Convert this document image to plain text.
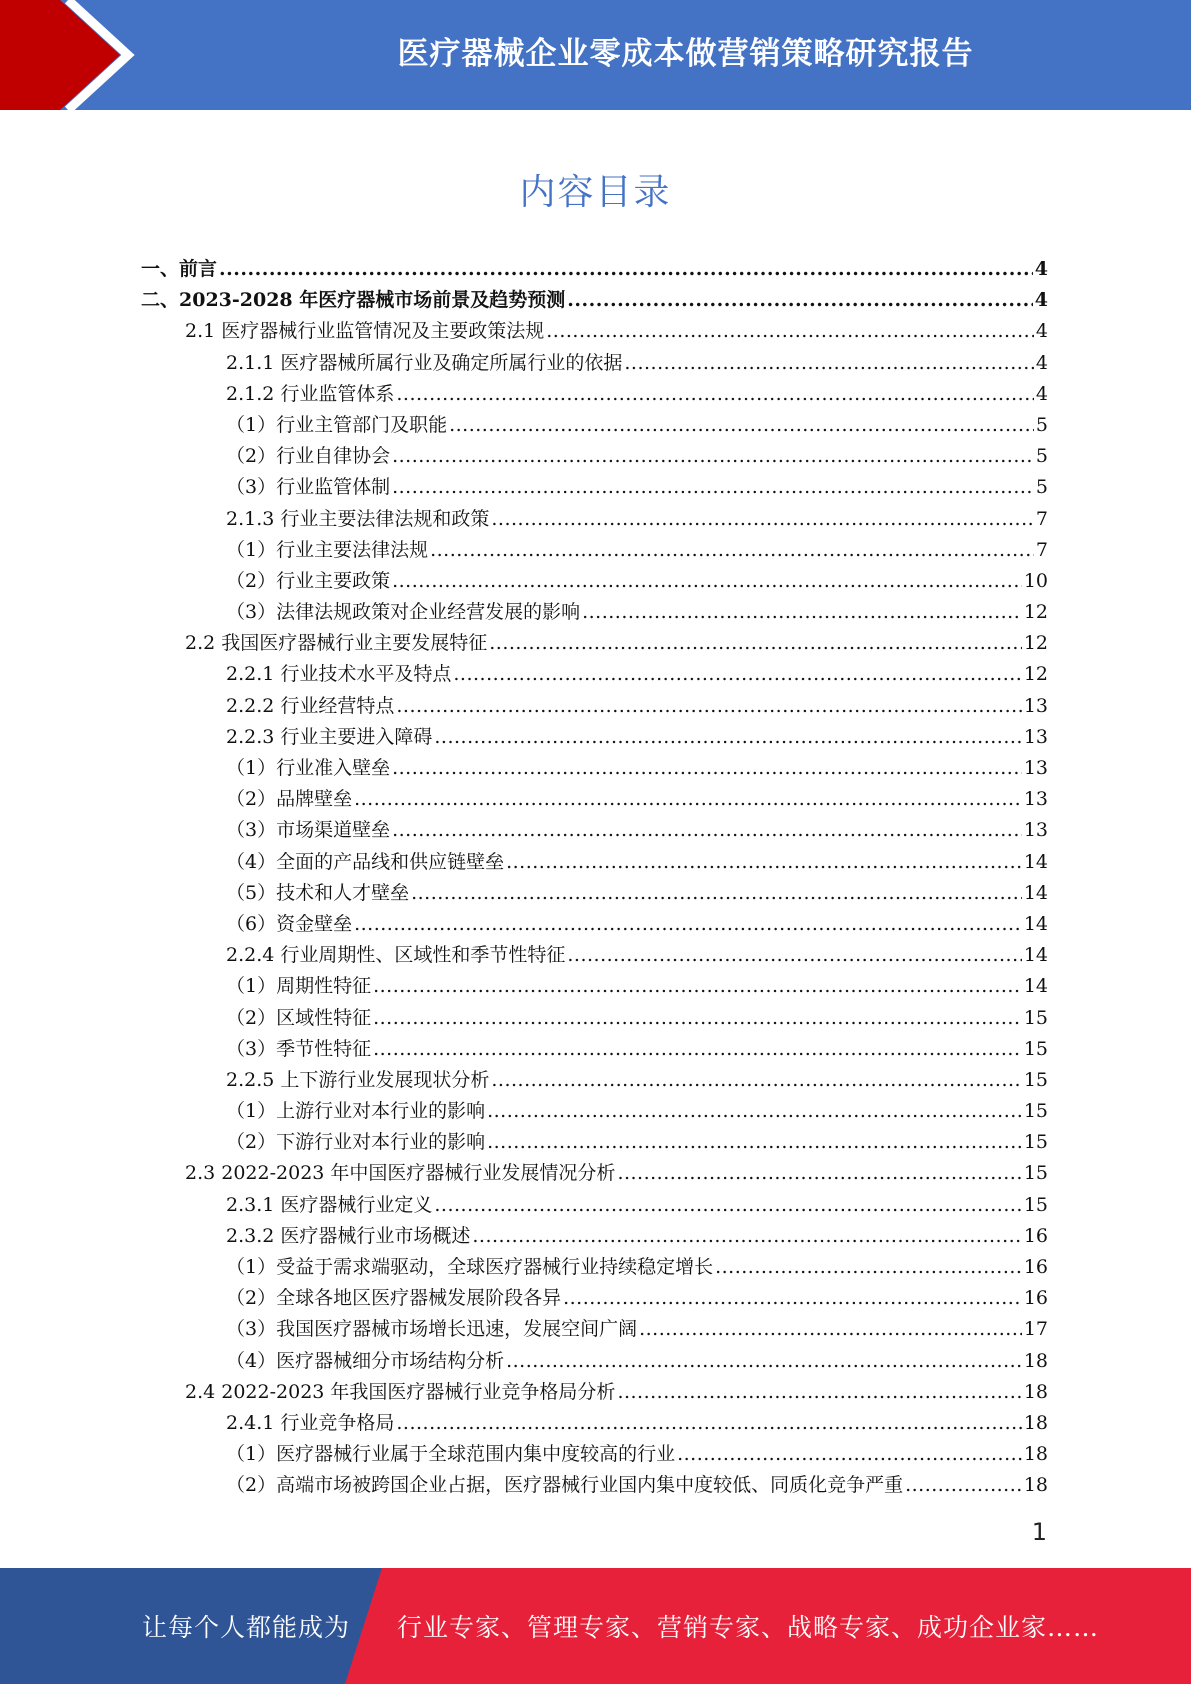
医疗器械企业零成本做营销策略研究报告
内容目录
一、前言 .....	4
二、2023-2028 年医疗器械市场前景及趋势预测 .....	4
2.1 医疗器械行业监管情况及主要政策法规 .....	4
2.1.1 医疗器械所属行业及确定所属行业的依据 .....	4
2.1.2 行业监管体系 .....	4
（1）行业主管部门及职能 .....	5
（2）行业自律协会 .....	5
（3）行业监管体制 .....	5
2.1.3 行业主要法律法规和政策 .....	7
（1）行业主要法律法规 .....	7
（2）行业主要政策 .....	10
（3）法律法规政策对企业经营发展的影响 .....	12
2.2 我国医疗器械行业主要发展特征 .....	12
2.2.1 行业技术水平及特点 .....	12
2.2.2 行业经营特点 .....	13
2.2.3 行业主要进入障碍 .....	13
（1）行业准入壁垒 .....	13
（2）品牌壁垒 .....	13
（3）市场渠道壁垒 .....	13
（4）全面的产品线和供应链壁垒 .....	14
（5）技术和人才壁垒 .....	14
（6）资金壁垒 .....	14
2.2.4 行业周期性、区域性和季节性特征 .....	14
（1）周期性特征 .....	14
（2）区域性特征 .....	15
（3）季节性特征 .....	15
2.2.5 上下游行业发展现状分析 .....	15
（1）上游行业对本行业的影响 .....	15
（2）下游行业对本行业的影响 .....	15
2.3 2022-2023 年中国医疗器械行业发展情况分析 .....	15
2.3.1 医疗器械行业定义 .....	15
2.3.2 医疗器械行业市场概述 .....	16
（1）受益于需求端驱动，全球医疗器械行业持续稳定增长 .....	16
（2）全球各地区医疗器械发展阶段各异 .....	16
（3）我国医疗器械市场增长迅速，发展空间广阔 .....	17
（4）医疗器械细分市场结构分析 .....	18
2.4 2022-2023 年我国医疗器械行业竞争格局分析 .....	18
2.4.1 行业竞争格局 .....	18
（1）医疗器械行业属于全球范围内集中度较高的行业 .....	18
（2）高端市场被跨国企业占据，医疗器械行业国内集中度较低、同质化竞争严重 .....	18
1
让每个人都能成为 行业专家、管理专家、营销专家、战略专家、成功企业家……
